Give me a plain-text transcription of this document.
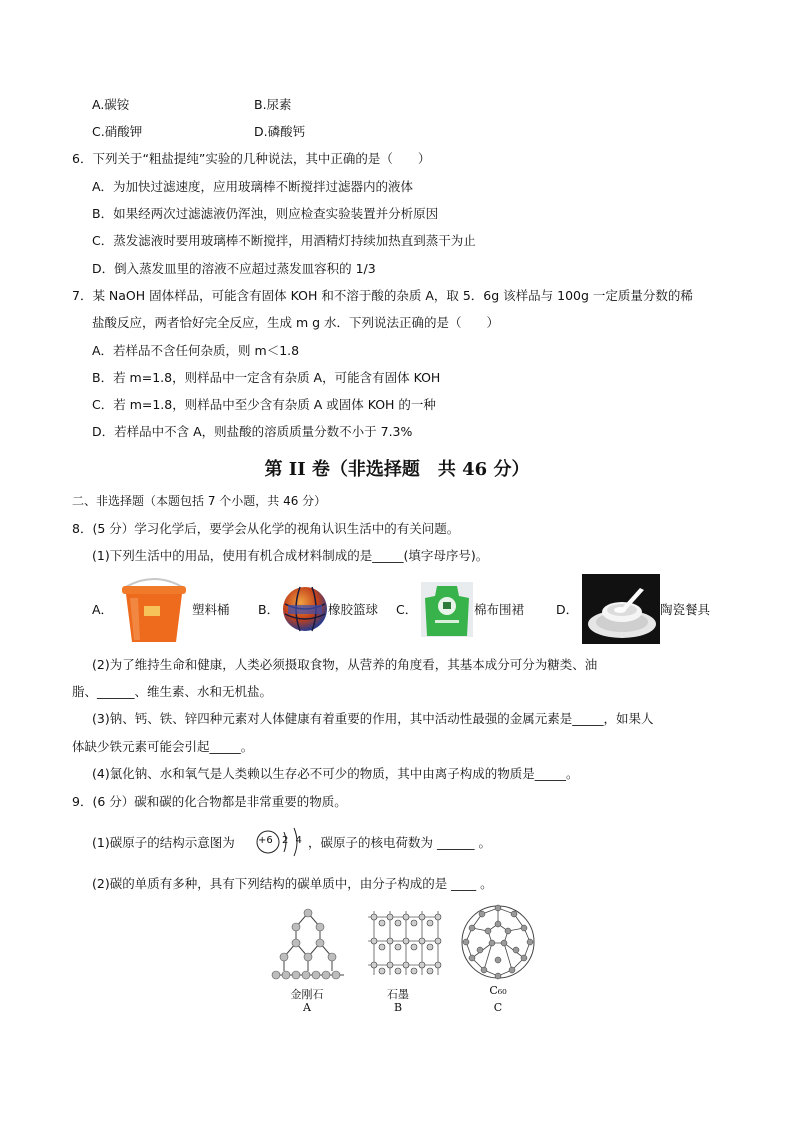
A.碳铵	B.尿素
C.硝酸钾	D.磷酸钙
6．下列关于“粗盐提纯”实验的几种说法，其中正确的是（　　）
A．为加快过滤速度，应用玻璃棒不断搅拌过滤器内的液体
B．如果经两次过滤滤液仍浑浊，则应检查实验装置并分析原因
C．蒸发滤液时要用玻璃棒不断搅拌，用酒精灯持续加热直到蒸干为止
D．倒入蒸发皿里的溶液不应超过蒸发皿容积的 1/3
7．某 NaOH 固体样品，可能含有固体 KOH 和不溶于酸的杂质 A，取 5．6g 该样品与 100g 一定质量分数的稀
盐酸反应，两者恰好完全反应，生成 m g 水．下列说法正确的是（　　）
A．若样品不含任何杂质，则 m＜1.8
B．若 m=1.8，则样品中一定含有杂质 A，可能含有固体 KOH
C．若 m=1.8，则样品中至少含有杂质 A 或固体 KOH 的一种
D．若样品中不含 A，则盐酸的溶质质量分数不小于 7.3%
第 II 卷（非选择题　共 46 分）
二、非选择题（本题包括 7 个小题，共 46 分）
8．(5 分）学习化学后，要学会从化学的视角认识生活中的有关问题。
(1)下列生活中的用品，使用有机合成材料制成的是_____(填字母序号)。
A．	塑料桶 B．	橡胶篮球 C．	棉布围裙	D．	陶瓷餐具
(2)为了维持生命和健康，人类必须摄取食物，从营养的角度看，其基本成分可分为糖类、油
脂、______、维生素、水和无机盐。
(3)钠、钙、铁、锌四种元素对人体健康有着重要的作用，其中活动性最强的金属元素是_____，如果人
体缺少铁元素可能会引起_____。
(4)氯化钠、水和氧气是人类赖以生存必不可少的物质，其中由离子构成的物质是_____。
9．(6 分）碳和碳的化合物都是非常重要的物质。
(1)碳原子的结构示意图为 +6 2 4 ，碳原子的核电荷数为 ______ 。
(2)碳的单质有多种，具有下列结构的碳单质中，由分子构成的是 ____ 。
金刚石
A
石墨
B
C₆₀
C
